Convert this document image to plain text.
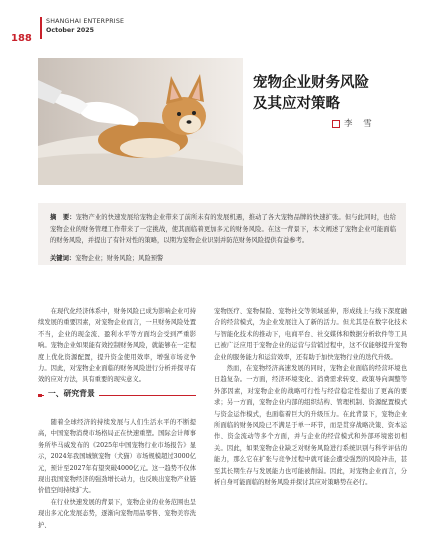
188
SHANGHAI ENTERPRISE
October 2025
宠物企业财务风险
及其应对策略
李 雪
摘　要：宠物产业的快速发展给宠物企业带来了前所未有的发展机遇，推动了各大宠物品牌的快速扩张。但与此同时，也给宠物企业的财务管理工作带来了一定挑战，使其面临着更加多元的财务风险。在这一背景下，本文阐述了宠物企业可能面临的财务风险，并提出了有针对性的策略，以期为宠物企业识别并防范财务风险提供有益参考。
关键词：宠物企业；财务风险；风险预警

在现代化经济体系中，财务风险已成为影响企业可持续发展的重要因素，对宠物企业而言，一旦财务风险处置不当，企业的现金流、盈利水平等方面均会受到严重影响。宠物企业如果能有效控制财务风险，就能够在一定程度上优化资源配置，提升资金使用效率，增强市场竞争力。因此，对宠物企业面临的财务风险进行分析并探寻有效的应对方法，具有重要的现实意义。

一、研究背景

随着全球经济的持续发展与人们生活水平的不断提高，中国宠物消费市场格局正在快速重塑。国际会计师事务所毕马威发布的《2025年中国宠物行业市场报告》显示，2024年我国城镇宠物（犬猫）市场规模超过3000亿元，预计至2027年有望突破4000亿元。这一趋势不仅体现出我国宠物经济的强劲增长动力，也反映出宠物产业链价值空间持续扩大。

在行业快速发展的背景下，宠物企业的业务范围也呈现出多元化发展态势，逐渐向宠物用品零售、宠物美容洗护、

宠物医疗、宠物保险、宠物社交等领域延伸，形成线上与线下深度融合的经营模式，为企业发展注入了新的活力。但尤其是在数字化技术与智能化技术的推动下，电商平台、社交媒体和数据分析软件等工具已被广泛应用于宠物企业的运营与营销过程中，这不仅能够提升宠物企业的服务能力和运营效率，还有助于加快宠物行业的迭代升级。

然而，在宠物经济高速发展的同时，宠物企业面临的经营环境也日趋复杂。一方面，经济环境变化、消费需求转变、政策导向调整等外部因素，对宠物企业的战略可行性与经营稳定性提出了更高的要求；另一方面，宠物企业内部的组织结构、管理机制、资源配置模式与资金运作模式，也面临着巨大的升级压力。在此背景下，宠物企业所面临的财务风险已不满足于单一环节，而是贯穿战略决策、资本运作、资金流动等多个方面，并与企业的经营模式和外部环境密切相关。因此，如果宠物企业缺乏对财务风险进行系统识别与科学评估的能力，那么它在扩张与竞争过程中就可能会遭受强烈的风险冲击，甚至其长期生存与发展能力也可能被削弱。因此，对宠物企业而言，分析自身可能面临的财务风险并探讨其应对策略势在必行。
